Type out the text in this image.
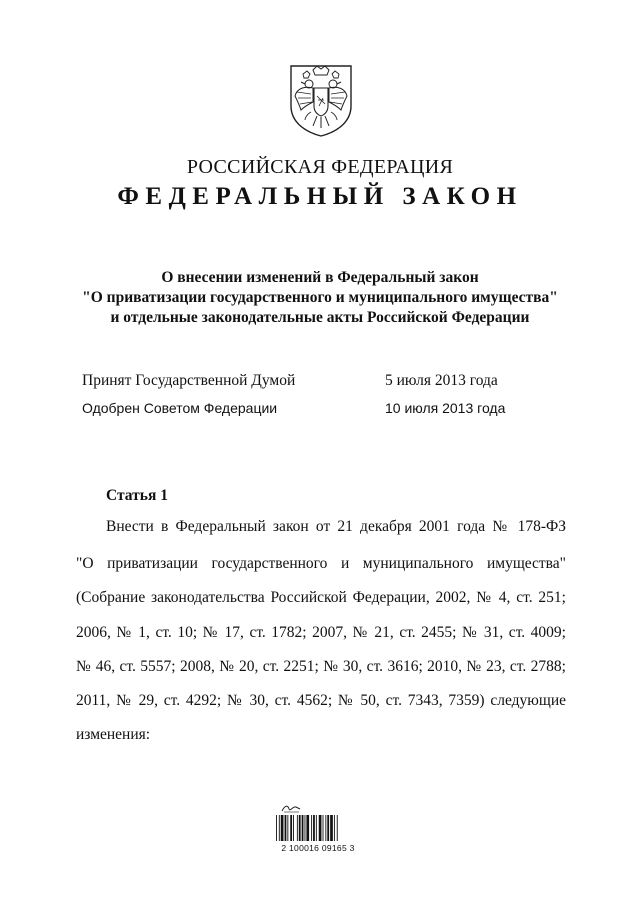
РОССИЙСКАЯ ФЕДЕРАЦИЯ
ФЕДЕРАЛЬНЫЙ ЗАКОН
О внесении изменений в Федеральный закон
"О приватизации государственного и муниципального имущества"
и отдельные законодательные акты Российской Федерации
Принят Государственной Думой	5 июля 2013 года
Одобрен Советом Федерации	10 июля 2013 года
Статья 1
Внести в Федеральный закон от 21 декабря 2001 года № 178-ФЗ
"О приватизации государственного и муниципального имущества"
(Собрание законодательства Российской Федерации, 2002, № 4, ст. 251;
2006, № 1, ст. 10; № 17, ст. 1782; 2007, № 21, ст. 2455; № 31, ст. 4009;
№ 46, ст. 5557; 2008, № 20, ст. 2251; № 30, ст. 3616; 2010, № 23, ст. 2788;
2011, № 29, ст. 4292; № 30, ст. 4562; № 50, ст. 7343, 7359) следующие
изменения:
2 100016 09165 3
